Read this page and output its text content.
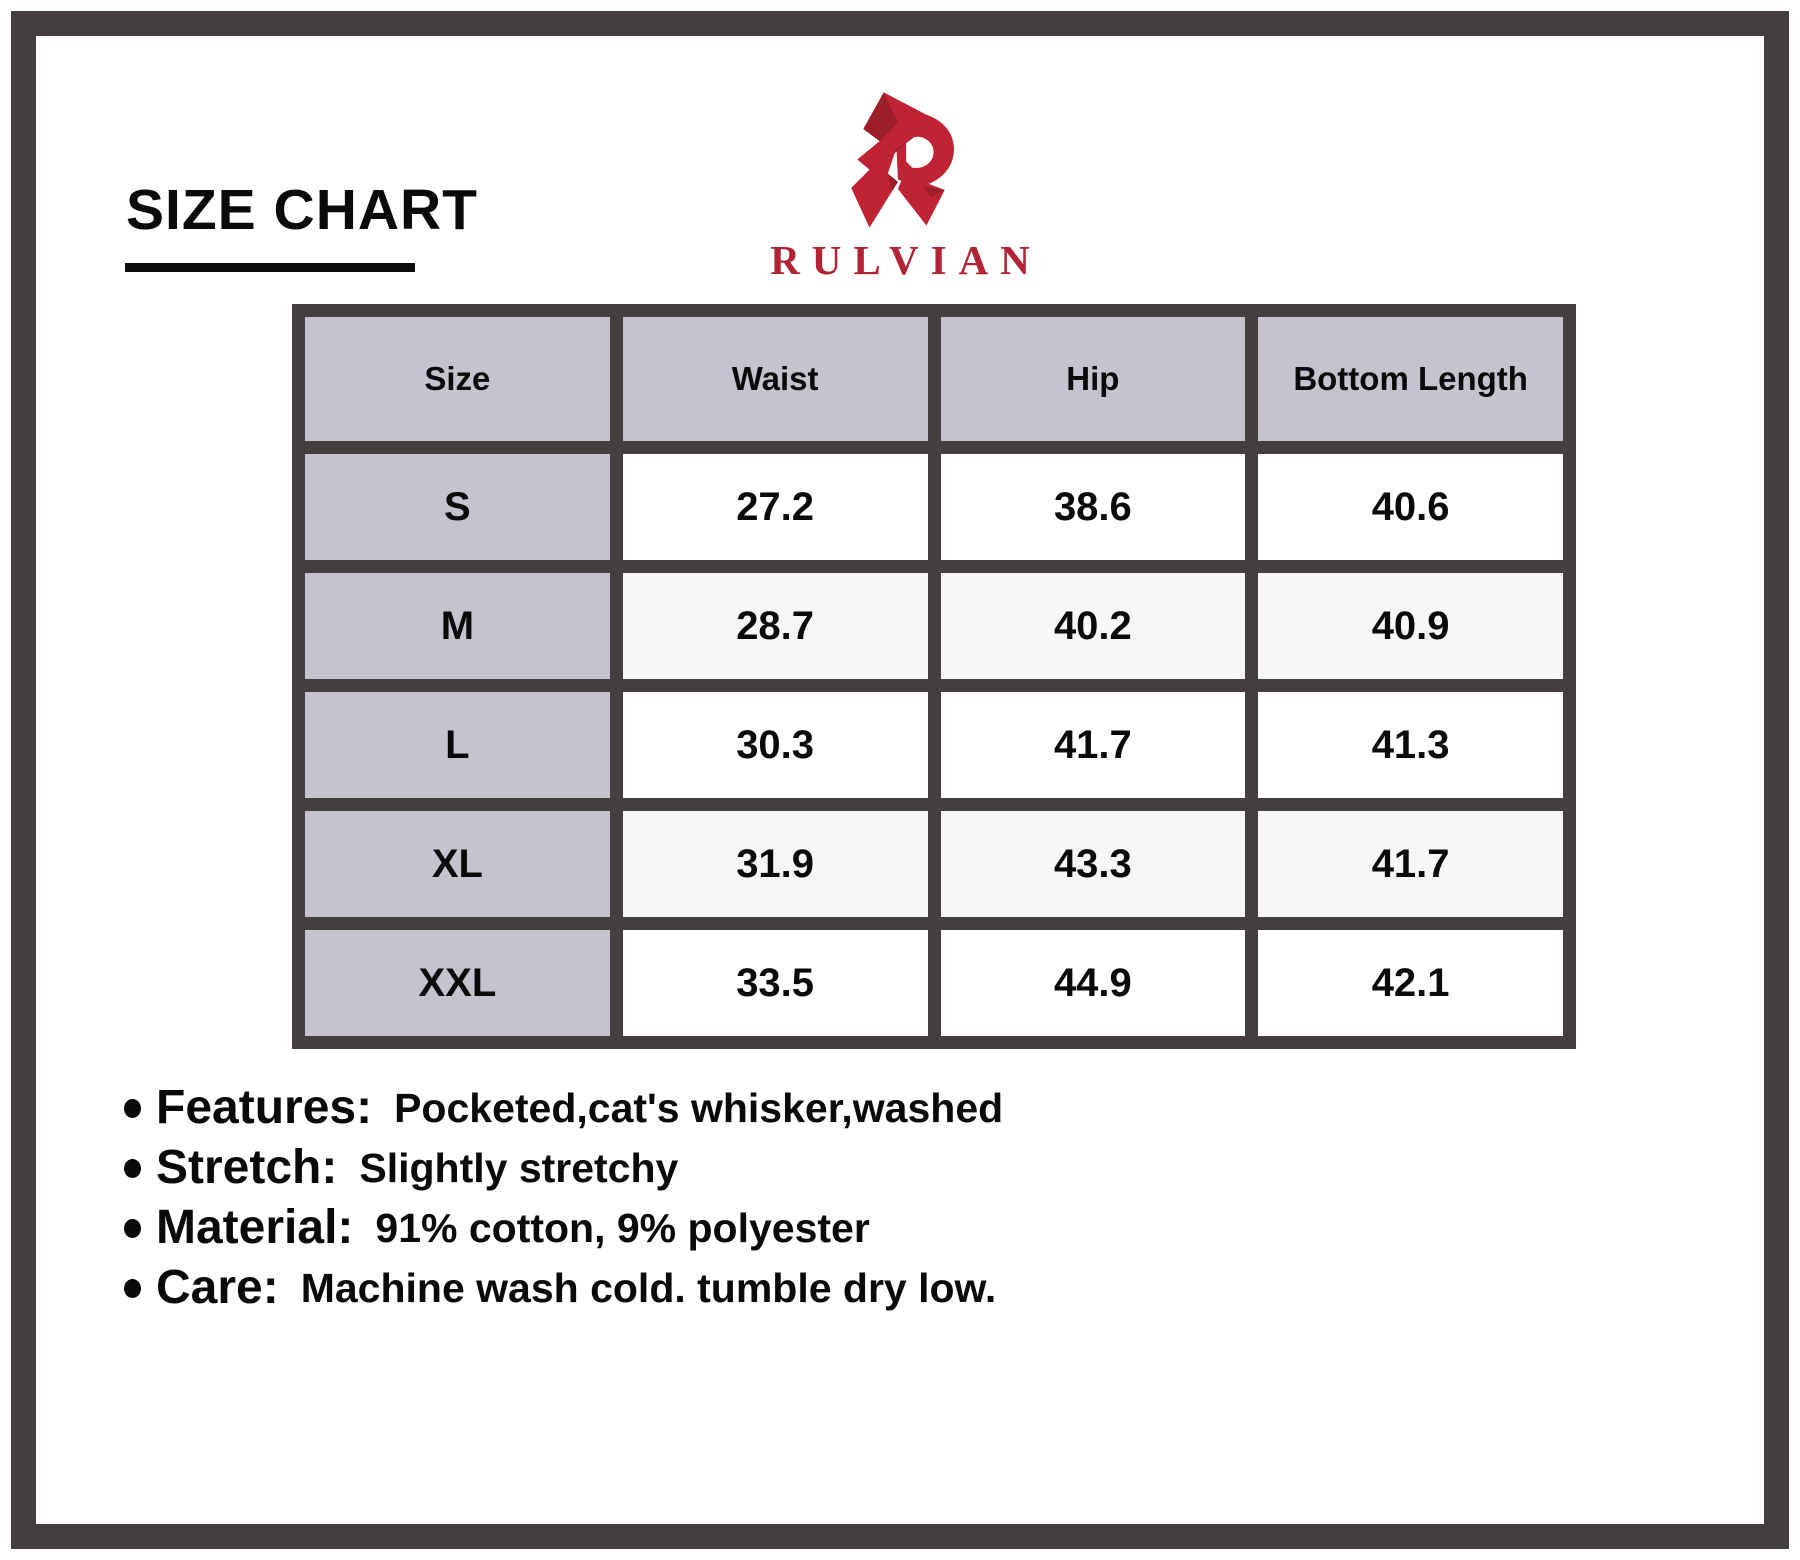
SIZE CHART
RULVIAN
Size	Waist	Hip	Bottom Length
S	27.2	38.6	40.6
M	28.7	40.2	40.9
L	30.3	41.7	41.3
XL	31.9	43.3	41.7
XXL	33.5	44.9	42.1
Features: Pocketed,cat's whisker,washed
Stretch: Slightly stretchy
Material: 91% cotton, 9% polyester
Care: Machine wash cold. tumble dry low.
